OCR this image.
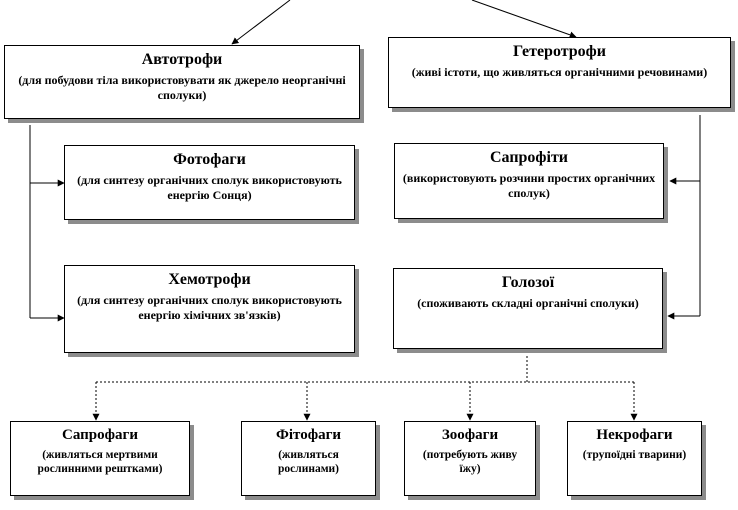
Автотрофи
(для побудови тіла використовувати як джерело неорганічні сполуки)
Гетеротрофи
(живі істоти, що живляться органічними речовинами)
Фотофаги
(для синтезу органічних сполук використовують енергію Сонця)
Хемотрофи
(для синтезу органічних сполук використовують енергію хімічних зв'язків)
Сапрофіти
(використовують розчини простих органічних сполук)
Голозої
(споживають складні органічні сполуки)
Сапрофаги
(живляться мертвими рослинними рештками)
Фітофаги
(живляться рослинами)
Зоофаги
(потребують живу їжу)
Некрофаги
(трупоїдні тварини)
